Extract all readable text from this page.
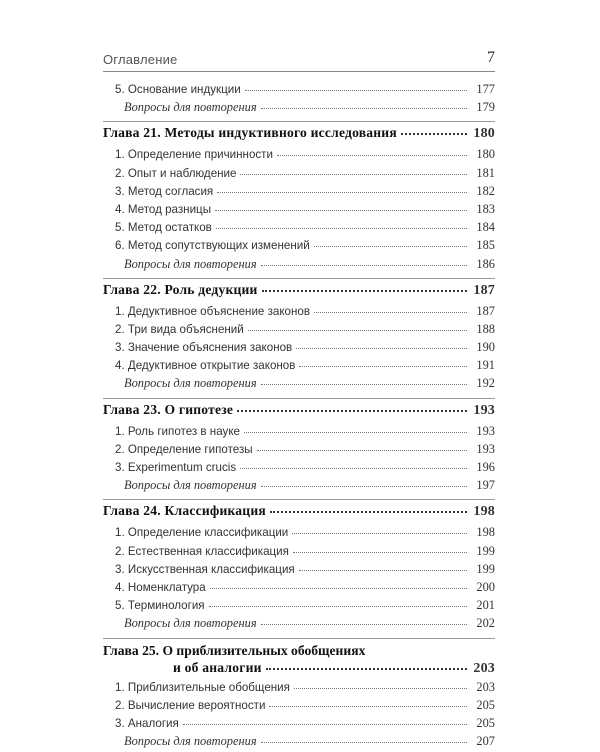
Оглавление	7
5. Основание индукции	177
Вопросы для повторения	179
Глава 21. Методы индуктивного исследования	180
1. Определение причинности	180
2. Опыт и наблюдение	181
3. Метод согласия	182
4. Метод разницы	183
5. Метод остатков	184
6. Метод сопутствующих изменений	185
Вопросы для повторения	186
Глава 22. Роль дедукции	187
1. Дедуктивное объяснение законов	187
2. Три вида объяснений	188
3. Значение объяснения законов	190
4. Дедуктивное открытие законов	191
Вопросы для повторения	192
Глава 23. О гипотезе	193
1. Роль гипотез в науке	193
2. Определение гипотезы	193
3. Experimentum crucis	196
Вопросы для повторения	197
Глава 24. Классификация	198
1. Определение классификации	198
2. Естественная классификация	199
3. Искусственная классификация	199
4. Номенклатура	200
5. Терминология	201
Вопросы для повторения	202
Глава 25. О приблизительных обобщениях
и об аналогии	203
1. Приблизительные обобщения	203
2. Вычисление вероятности	205
3. Аналогия	205
Вопросы для повторения	207
